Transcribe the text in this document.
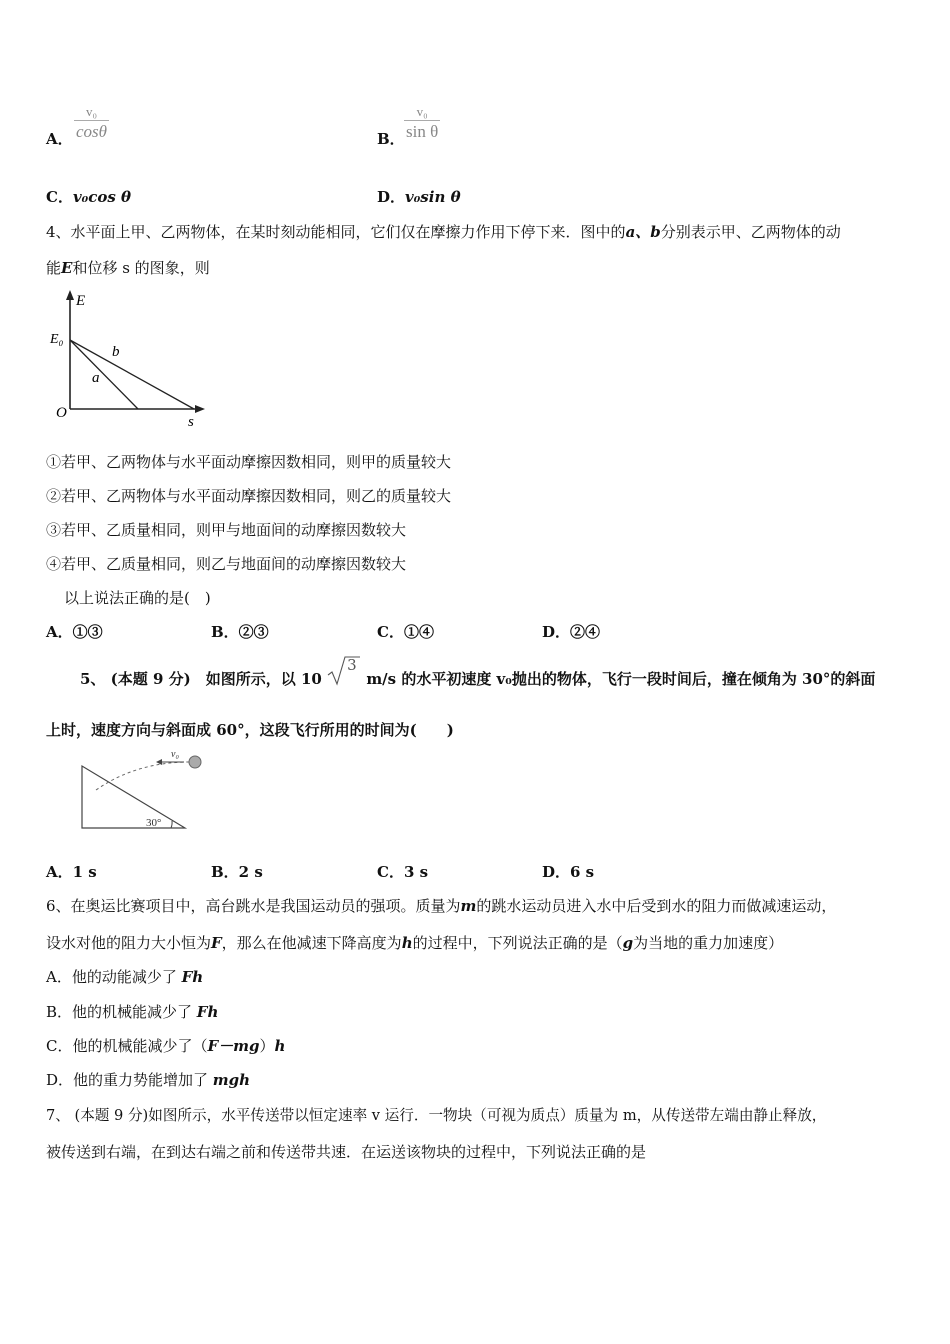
A．
v₀
cosθ	B．
v₀
sin θ
C．v₀cos θ	D．v₀sin θ
4、水平面上甲、乙两物体，在某时刻动能相同，它们仅在摩擦力作用下停下来．图中的a、b分别表示甲、乙两物体的动
能E和位移 s 的图象，则
E
s
O
E₀
b
a
①若甲、乙两物体与水平面动摩擦因数相同，则甲的质量较大
②若甲、乙两物体与水平面动摩擦因数相同，则乙的质量较大
③若甲、乙质量相同，则甲与地面间的动摩擦因数较大
④若甲、乙质量相同，则乙与地面间的动摩擦因数较大
以上说法正确的是(　)
A．①③	B．②③	C．①④	D．②④
5、 (本题 9 分)　如图所示，以 10
3
m/s 的水平初速度 v₀抛出的物体，飞行一段时间后，撞在倾角为 30°的斜面
上时，速度方向与斜面成 60°，这段飞行所用的时间为(　　)
v₀
30°
A．1 s	B．2 s	C．3 s	D．6 s
6、在奥运比赛项目中，高台跳水是我国运动员的强项。质量为m的跳水运动员进入水中后受到水的阻力而做减速运动，
设水对他的阻力大小恒为F，那么在他减速下降高度为h的过程中，下列说法正确的是（g为当地的重力加速度）
A．他的动能减少了 Fh
B．他的机械能减少了 Fh
C．他的机械能减少了（F－mg）h
D．他的重力势能增加了 mgh
7、 (本题 9 分)如图所示，水平传送带以恒定速率 v 运行．一物块（可视为质点）质量为 m，从传送带左端由静止释放，
被传送到右端，在到达右端之前和传送带共速．在运送该物块的过程中，下列说法正确的是
